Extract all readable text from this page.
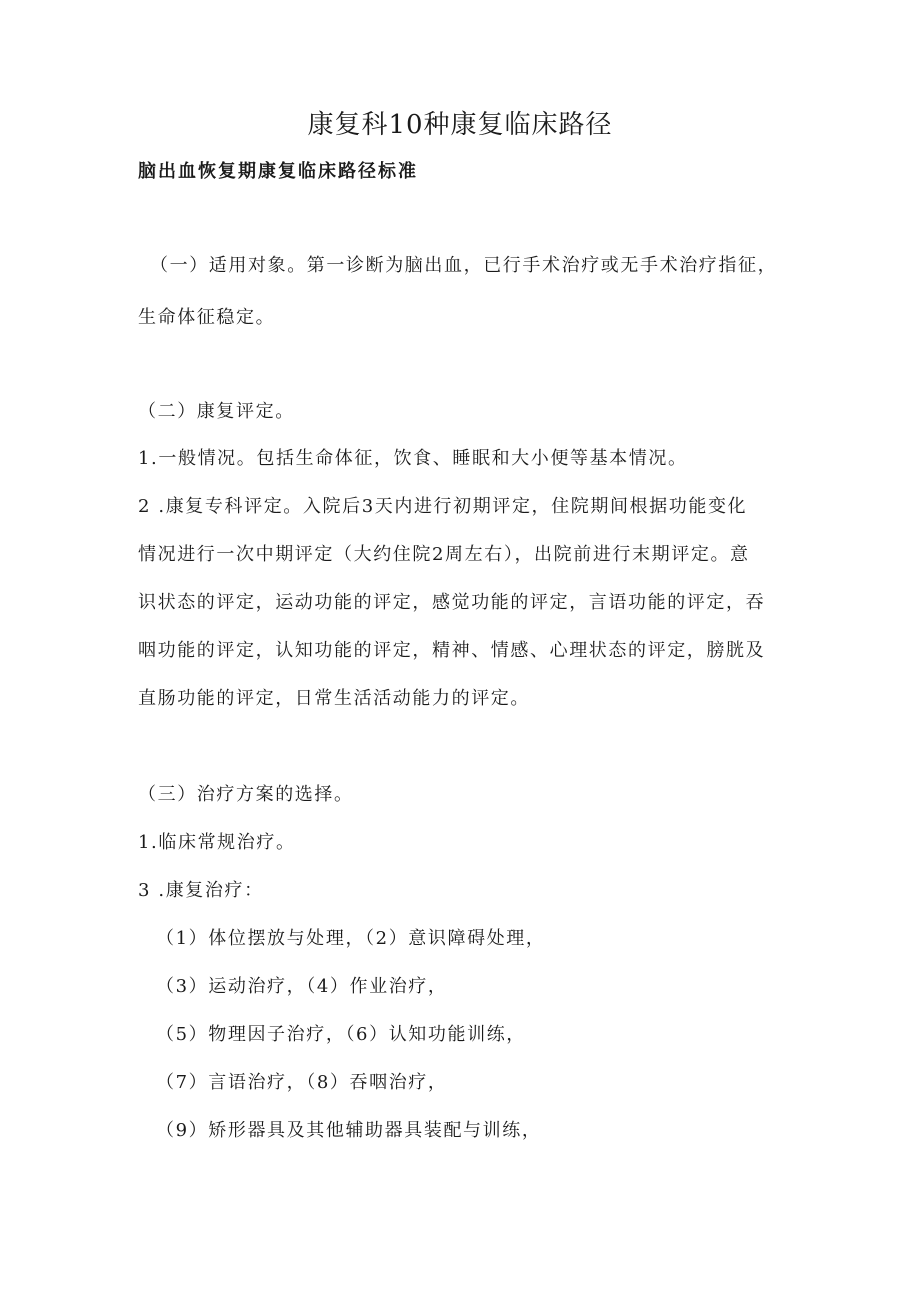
康复科10种康复临床路径
脑出血恢复期康复临床路径标准
（一）适用对象。第一诊断为脑出血，已行手术治疗或无手术治疗指征，
生命体征稳定。
（二）康复评定。
1.一般情况。包括生命体征，饮食、睡眠和大小便等基本情况。
2 .康复专科评定。入院后3天内进行初期评定，住院期间根据功能变化
情况进行一次中期评定（大约住院2周左右），出院前进行末期评定。意
识状态的评定，运动功能的评定，感觉功能的评定，言语功能的评定，吞
咽功能的评定，认知功能的评定，精神、情感、心理状态的评定，膀胱及
直肠功能的评定，日常生活活动能力的评定。
（三）治疗方案的选择。
1.临床常规治疗。
3 .康复治疗：
（1）体位摆放与处理，（2）意识障碍处理，
（3）运动治疗，（4）作业治疗，
（5）物理因子治疗，（6）认知功能训练，
（7）言语治疗，（8）吞咽治疗，
（9）矫形器具及其他辅助器具装配与训练，
